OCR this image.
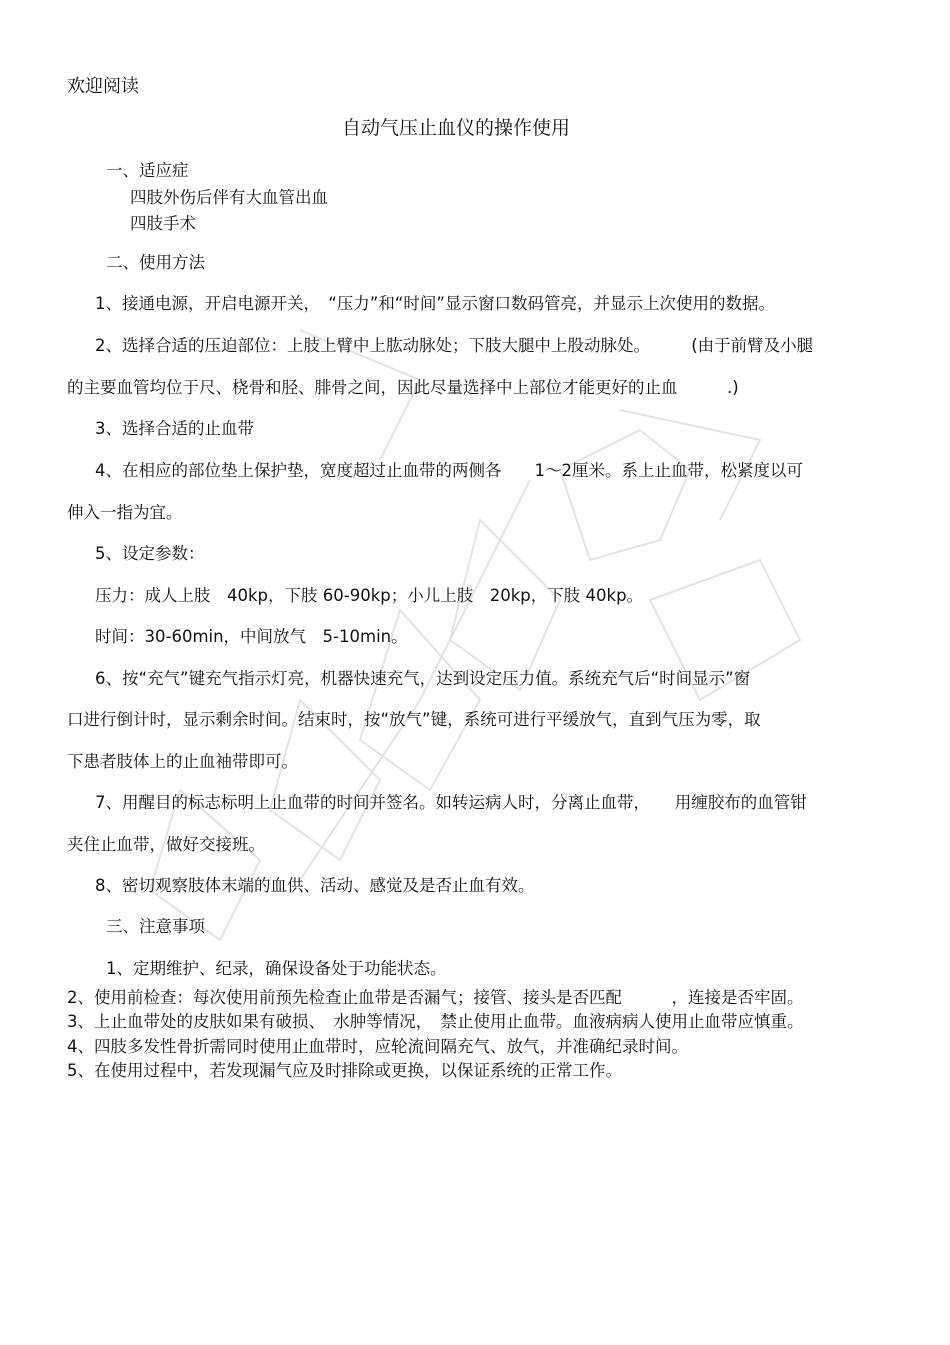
欢迎阅读
自动气压止血仪的操作使用
一、适应症
四肢外伤后伴有大血管出血
四肢手术
二、使用方法
1、接通电源，开启电源开关，　“压力”和“时间”显示窗口数码管亮，并显示上次使用的数据。
2、选择合适的压迫部位：上肢上臂中上肱动脉处；下肢大腿中上股动脉处。　　　(由于前臂及小腿
的主要血管均位于尺、桡骨和胫、腓骨之间，因此尽量选择中上部位才能更好的止血　　　.)
3、选择合适的止血带
4、在相应的部位垫上保护垫，宽度超过止血带的两侧各　　1～2厘米。系上止血带，松紧度以可
伸入一指为宜。
5、设定参数：
压力：成人上肢　40kp，下肢 60-90kp；小儿上肢　20kp，下肢 40kp。
时间：30-60min，中间放气　5-10min。
6、按“充气”键充气指示灯亮，机器快速充气，达到设定压力值。系统充气后“时间显示”窗
口进行倒计时，显示剩余时间。结束时，按“放气”键，系统可进行平缓放气，直到气压为零，取
下患者肢体上的止血袖带即可。
7、用醒目的标志标明上止血带的时间并签名。如转运病人时，分离止血带，　　用缠胶布的血管钳
夹住止血带，做好交接班。
8、密切观察肢体末端的血供、活动、感觉及是否止血有效。
三、注意事项
1、定期维护、纪录，确保设备处于功能状态。
2、使用前检查：每次使用前预先检查止血带是否漏气；接管、接头是否匹配　　　，连接是否牢固。
3、上止血带处的皮肤如果有破损、　水肿等情况，　禁止使用止血带。血液病病人使用止血带应慎重。
4、四肢多发性骨折需同时使用止血带时，应轮流间隔充气、放气，并准确纪录时间。
5、在使用过程中，若发现漏气应及时排除或更换，以保证系统的正常工作。
